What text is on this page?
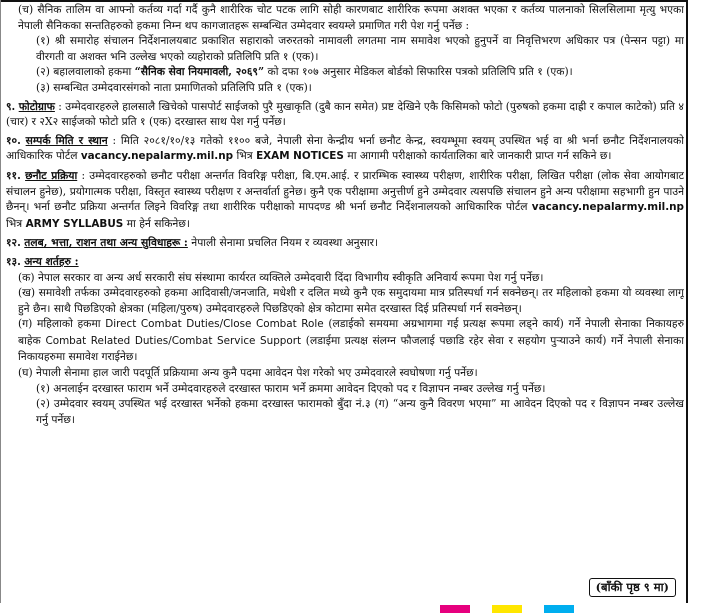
(च) सैनिक तालिम वा आफ्नो कर्तव्य गर्दा गर्दै कुनै शारीरिक चोट पटक लागि सोही कारणबाट शारीरिक रूपमा अशक्त भएका र कर्तव्य पालनाको सिलसिलामा मृत्यु भएका नेपाली सैनिकका सन्ततिहरुको हकमा निम्न थप कागजातहरू सम्बन्धित उम्मेदवार स्वयम्ले प्रमाणित गरी पेश गर्नु पर्नेछ :
(१) श्री समारोह संचालन निर्देशनालयबाट प्रकाशित सहाराको जरुरतको नामावली लगतमा नाम समावेश भएको हुनुपर्ने वा निवृत्तिभरण अधिकार पत्र (पेन्सन पट्टा) मा वीरगती वा अशक्त भनि उल्लेख भएको व्यहोराको प्रतिलिपि प्रति १ (एक)।
(२) बहालवालाको हकमा “सैनिक सेवा नियमावली, २०६९” को दफा १०७ अनुसार मेडिकल बोर्डको सिफारिस पत्रको प्रतिलिपि प्रति १ (एक)।
(३) सम्बन्धित उम्मेदवारसंगको नाता प्रमाणितको प्रतिलिपि प्रति १ (एक)।
९. फोटोग्राफ : उम्मेदवारहरुले हालसालै खिचेको पासपोर्ट साईजको पुरै मुखाकृति (दुबै कान समेत) प्रष्ट देखिने एकै किसिमको फोटो (पुरुषको हकमा दाह्री र कपाल काटेको) प्रति ४ (चार) र २X२ साईजको फोटो प्रति १ (एक) दरखास्त साथ पेश गर्नु पर्नेछ।
१०. सम्पर्क मिति र स्थान : मिति २०८१/१०/१३ गतेको ११०० बजे, नेपाली सेना केन्द्रीय भर्ना छनौट केन्द्र, स्वयम्भूमा स्वयम् उपस्थित भई वा श्री भर्ना छनौट निर्देशनालयको आधिकारिक पोर्टल vacancy.nepalarmy.mil.np भित्र EXAM NOTICES मा आगामी परीक्षाको कार्यतालिका बारे जानकारी प्राप्त गर्न सकिने छ।
११. छनौट प्रक्रिया : उम्मेदवारहरुको छनौट परीक्षा अन्तर्गत विवरिङ्ग परीक्षा, बि.एम.आई. र प्रारम्भिक स्वास्थ्य परीक्षण, शारीरिक परीक्षा, लिखित परीक्षा (लोक सेवा आयोगबाट संचालन हुनेछ), प्रयोगात्मक परीक्षा, विस्तृत स्वास्थ्य परीक्षण र अन्तर्वार्ता हुनेछ। कुनै एक परीक्षामा अनुत्तीर्ण हुने उम्मेदवार त्यसपछि संचालन हुने अन्य परीक्षामा सहभागी हुन पाउने छैनन्। भर्ना छनौट प्रक्रिया अन्तर्गत लिइने विवरिङ्ग तथा शारीरिक परीक्षाको मापदण्ड श्री भर्ना छनौट निर्देशनालयको आधिकारिक पोर्टल vacancy.nepalarmy.mil.np भित्र ARMY SYLLABUS मा हेर्न सकिनेछ।
१२. तलब, भत्ता, राशन तथा अन्य सुविधाहरू : नेपाली सेनामा प्रचलित नियम र व्यवस्था अनुसार।
१३. अन्य शर्तहरु :
(क) नेपाल सरकार वा अन्य अर्ध सरकारी संघ संस्थामा कार्यरत व्यक्तिले उम्मेदवारी दिंदा विभागीय स्वीकृति अनिवार्य रूपमा पेश गर्नु पर्नेछ।
(ख) समावेशी तर्फका उम्मेदवारहरुको हकमा आदिवासी/जनजाति, मधेशी र दलित मध्ये कुनै एक समुदायमा मात्र प्रतिस्पर्धा गर्न सक्नेछन्। तर महिलाको हकमा यो व्यवस्था लागू हुने छैन। साथै पिछडिएको क्षेत्रका (महिला/पुरुष) उम्मेदवारहरुले पिछडिएको क्षेत्र कोटामा समेत दरखास्त दिई प्रतिस्पर्धा गर्न सक्नेछन्।
(ग) महिलाको हकमा Direct Combat Duties/Close Combat Role (लडाईको समयमा अग्रभागमा गई प्रत्यक्ष रूपमा लड्ने कार्य) गर्ने नेपाली सेनाका निकायहरु बाहेक Combat Related Duties/Combat Service Support (लडाईमा प्रत्यक्ष संलग्न फौजलाई पछाडि रहेर सेवा र सहयोग पुऱ्याउने कार्य) गर्ने नेपाली सेनाका निकायहरुमा समावेश गराईनेछ।
(घ) नेपाली सेनामा हाल जारी पदपूर्ति प्रक्रियामा अन्य कुनै पदमा आवेदन पेश गरेको भए उम्मेदवारले स्वघोषणा गर्नु पर्नेछ।
(१) अनलाईन दरखास्त फाराम भर्ने उम्मेदवारहरुले दरखास्त फाराम भर्ने क्रममा आवेदन दिएको पद र विज्ञापन नम्बर उल्लेख गर्नु पर्नेछ।
(२) उम्मेदवार स्वयम् उपस्थित भई दरखास्त भर्नेको हकमा दरखास्त फारामको बुँदा नं.३ (ग) “अन्य कुनै विवरण भएमा” मा आवेदन दिएको पद र विज्ञापन नम्बर उल्लेख गर्नु पर्नेछ।
(बाँकी पृष्ठ ९ मा)
